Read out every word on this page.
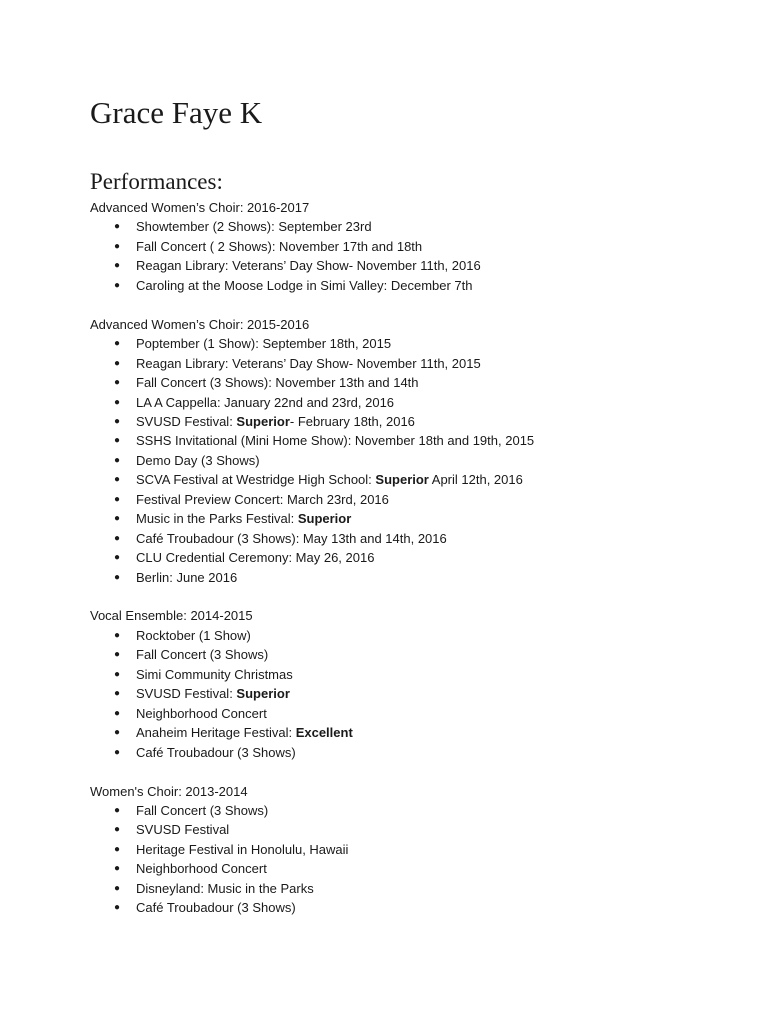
Grace Faye K
Performances:

Advanced Women’s Choir: 2016-2017

● Showtember (2 Shows): September 23rd
● Fall Concert ( 2 Shows): November 17th and 18th
● Reagan Library: Veterans’ Day Show- November 11th, 2016
● Caroling at the Moose Lodge in Simi Valley: December 7th

Advanced Women’s Choir: 2015-2016

● Poptember (1 Show): September 18th, 2015
● Reagan Library: Veterans’ Day Show- November 11th, 2015
● Fall Concert (3 Shows): November 13th and 14th
● LA A Cappella: January 22nd and 23rd, 2016
● SVUSD Festival: Superior- February 18th, 2016
● SSHS Invitational (Mini Home Show): November 18th and 19th, 2015
● Demo Day (3 Shows)
● SCVA Festival at Westridge High School: Superior April 12th, 2016
● Festival Preview Concert: March 23rd, 2016
● Music in the Parks Festival: Superior
● Café Troubadour (3 Shows): May 13th and 14th, 2016
● CLU Credential Ceremony: May 26, 2016
● Berlin: June 2016

Vocal Ensemble: 2014-2015

● Rocktober (1 Show)
● Fall Concert (3 Shows)
● Simi Community Christmas
● SVUSD Festival: Superior
● Neighborhood Concert
● Anaheim Heritage Festival: Excellent
● Café Troubadour (3 Shows)

Women's Choir: 2013-2014

● Fall Concert (3 Shows)
● SVUSD Festival
● Heritage Festival in Honolulu, Hawaii
● Neighborhood Concert
● Disneyland: Music in the Parks
● Café Troubadour (3 Shows)
